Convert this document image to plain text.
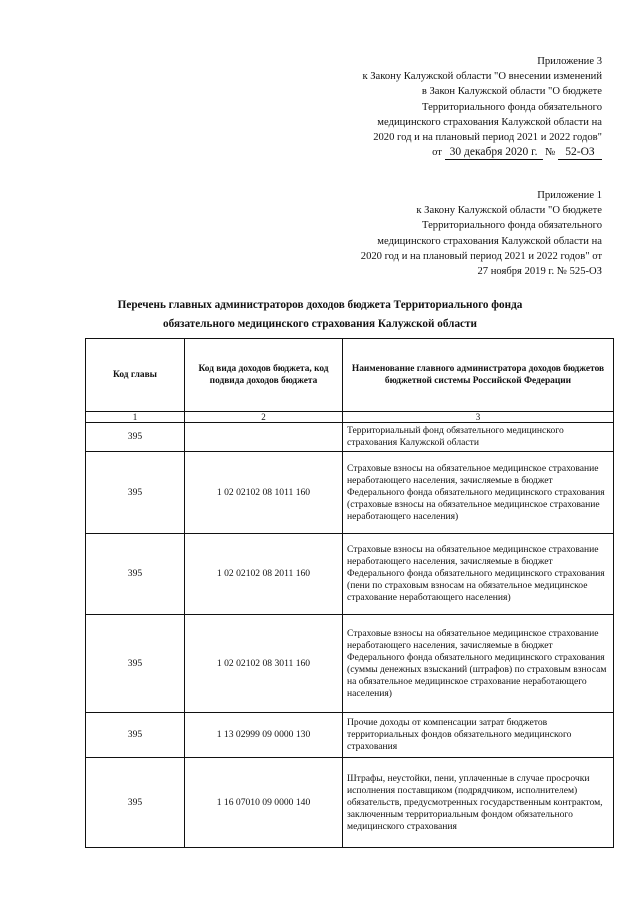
Приложение 3
к Закону Калужской области "О внесении изменений
в Закон Калужской области "О бюджете
Территориального фонда обязательного
медицинского страхования Калужской области на
2020 год и на плановый период 2021 и 2022 годов"
от 30 декабря 2020 г. № 52-ОЗ
Приложение 1
к Закону Калужской области "О бюджете
Территориального фонда обязательного
медицинского страхования Калужской области на
2020 год и на плановый период 2021 и 2022 годов" от
27 ноября 2019 г. № 525-ОЗ
Перечень главных администраторов доходов бюджета Территориального фонда
обязательного медицинского страхования Калужской области
Код главы	Код вида доходов бюджета, код подвида доходов бюджета	Наименование главного администратора доходов бюджетов бюджетной системы Российской Федерации
1	2	3
395		Территориальный фонд обязательного медицинского страхования Калужской области
395	1 02 02102 08 1011 160	Страховые взносы на обязательное медицинское страхование неработающего населения, зачисляемые в бюджет Федерального фонда обязательного медицинского страхования (страховые взносы на обязательное медицинское страхование неработающего населения)
395	1 02 02102 08 2011 160	Страховые взносы на обязательное медицинское страхование неработающего населения, зачисляемые в бюджет Федерального фонда обязательного медицинского страхования (пени по страховым взносам на обязательное медицинское страхование неработающего населения)
395	1 02 02102 08 3011 160	Страховые взносы на обязательное медицинское страхование неработающего населения, зачисляемые в бюджет Федерального фонда обязательного медицинского страхования (суммы денежных взысканий (штрафов) по страховым взносам на обязательное медицинское страхование неработающего населения)
395	1 13 02999 09 0000 130	Прочие доходы от компенсации затрат бюджетов территориальных фондов обязательного медицинского страхования
395	1 16 07010 09 0000 140	Штрафы, неустойки, пени, уплаченные в случае просрочки исполнения поставщиком (подрядчиком, исполнителем) обязательств, предусмотренных государственным контрактом, заключенным территориальным фондом обязательного медицинского страхования
